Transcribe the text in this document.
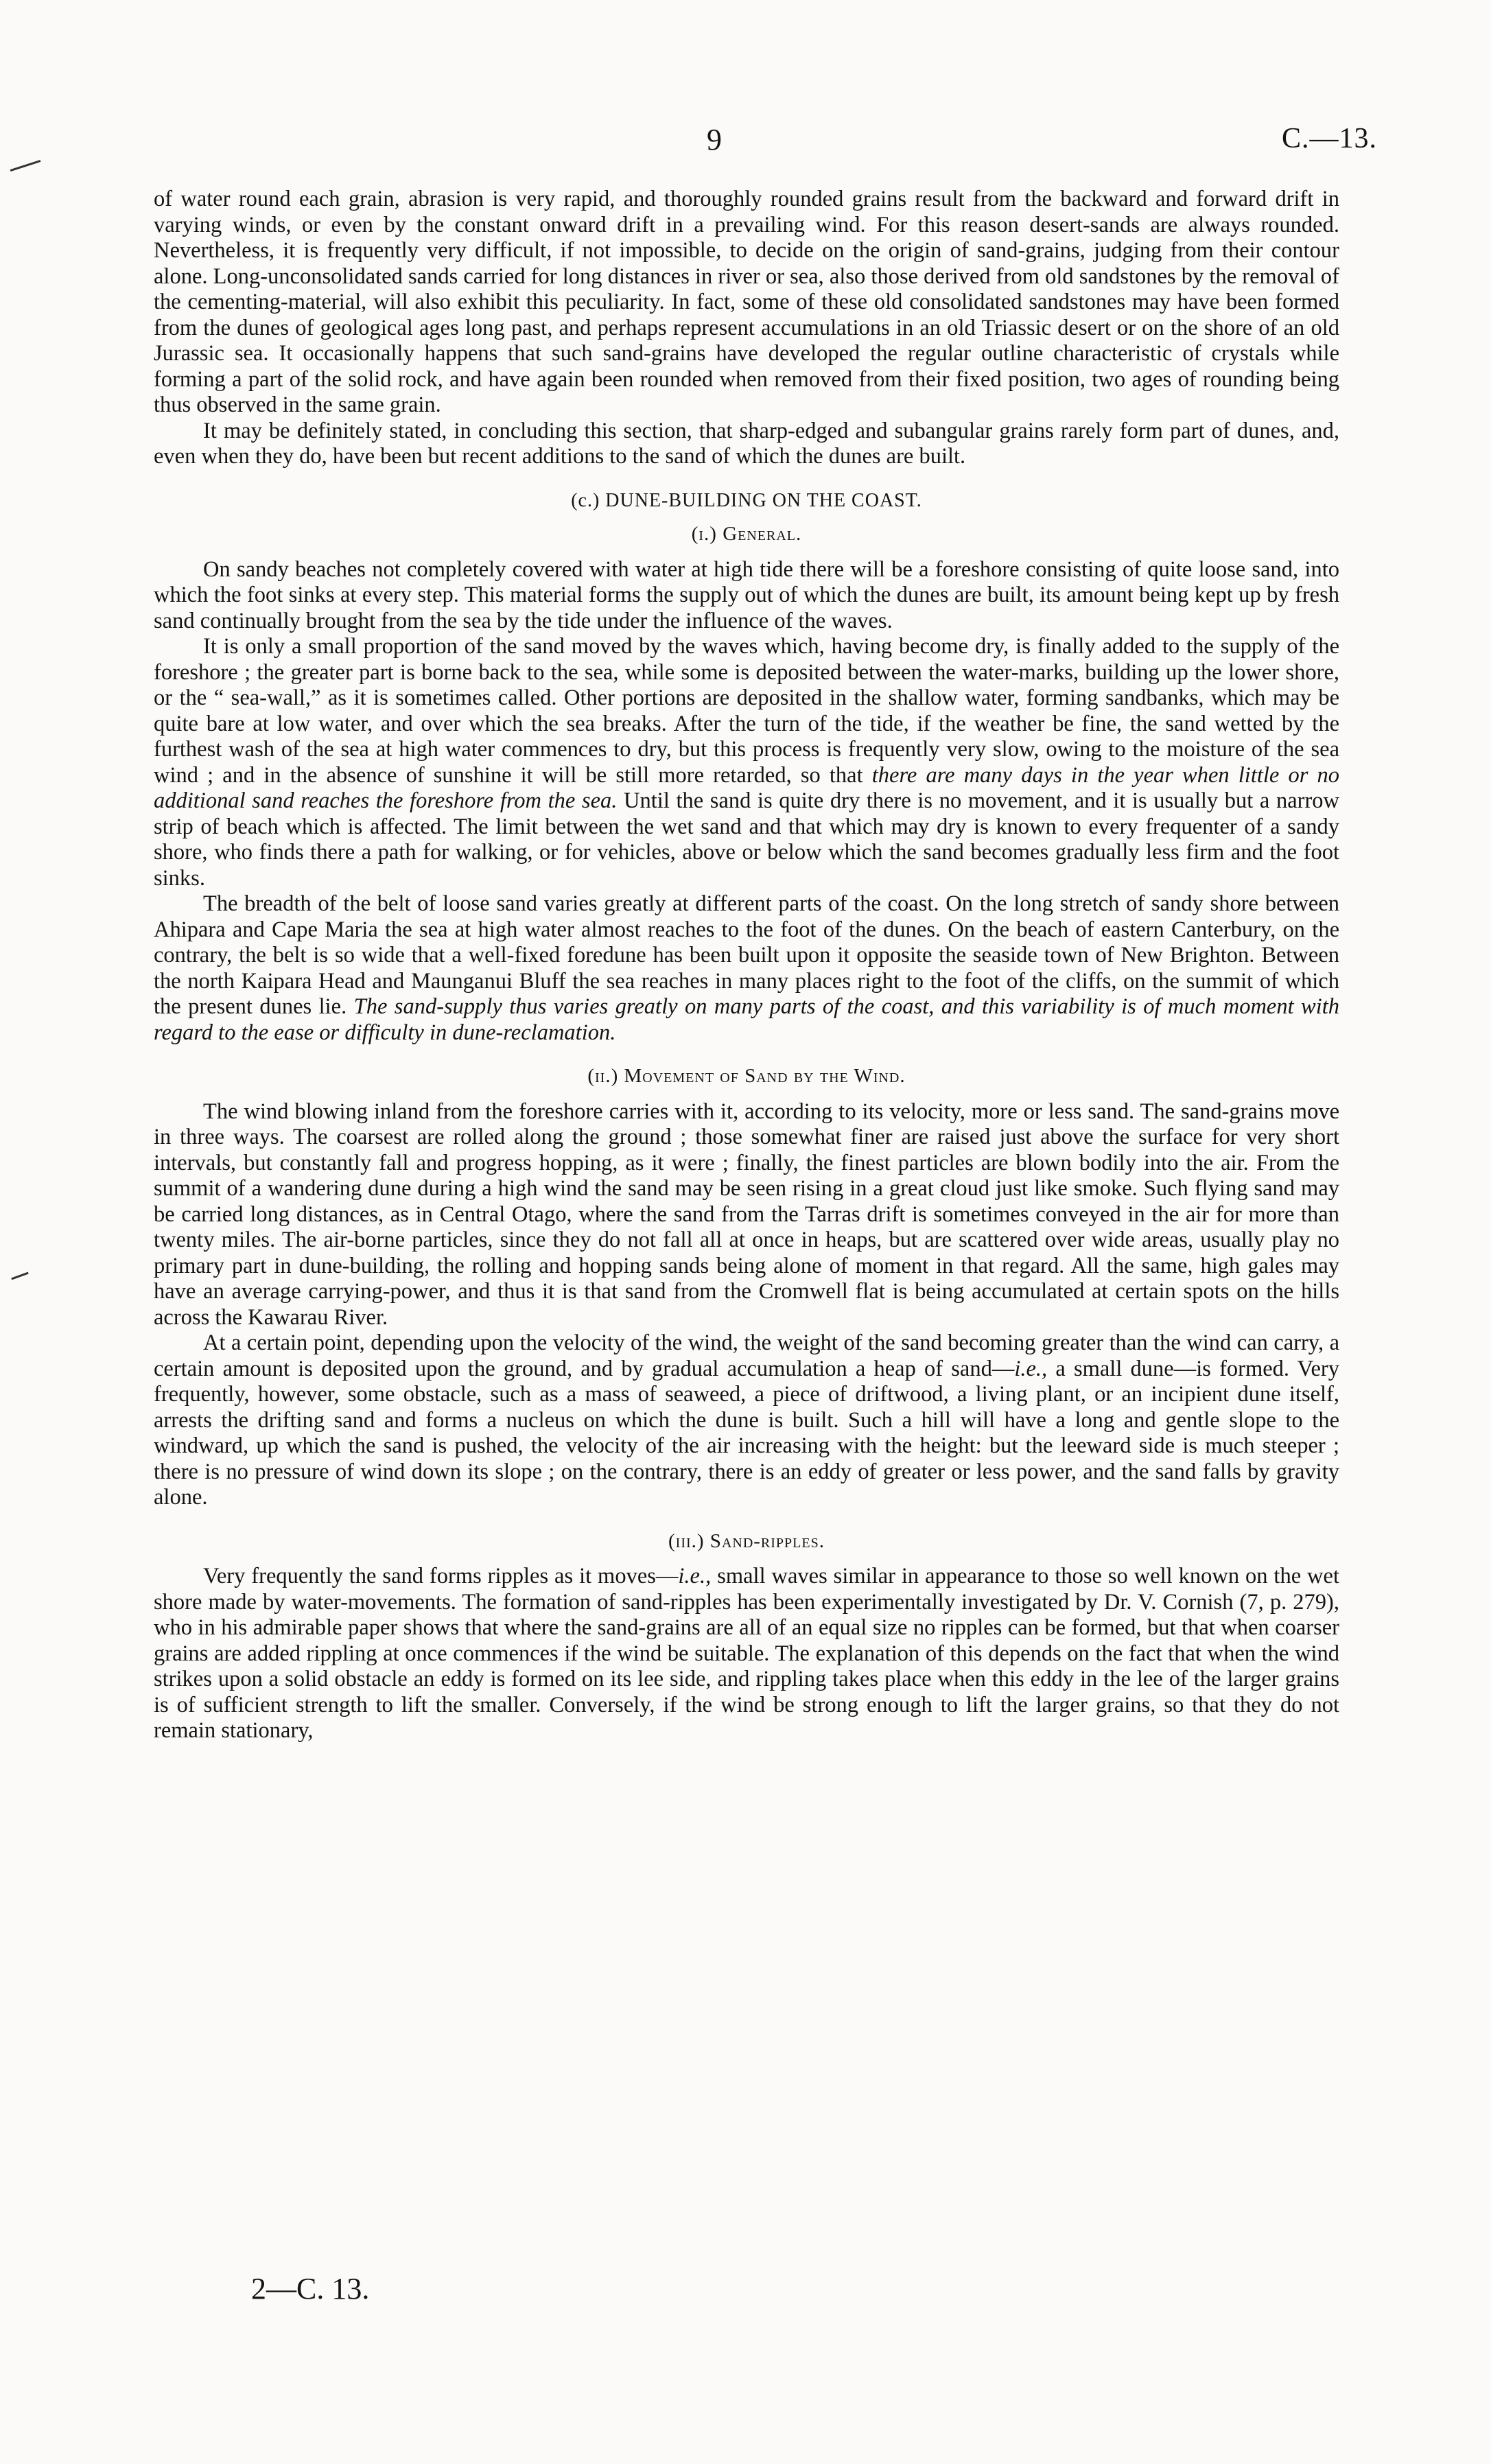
9	C.—13.

of water round each grain, abrasion is very rapid, and thoroughly rounded grains result from the backward and forward drift in varying winds, or even by the constant onward drift in a prevailing wind. For this reason desert-sands are always rounded. Nevertheless, it is frequently very difficult, if not impossible, to decide on the origin of sand-grains, judging from their contour alone. Long-unconsolidated sands carried for long distances in river or sea, also those derived from old sandstones by the removal of the cementing-material, will also exhibit this peculiarity. In fact, some of these old consolidated sandstones may have been formed from the dunes of geological ages long past, and perhaps represent accumulations in an old Triassic desert or on the shore of an old Jurassic sea. It occasionally happens that such sand-grains have developed the regular outline characteristic of crystals while forming a part of the solid rock, and have again been rounded when removed from their fixed position, two ages of rounding being thus observed in the same grain.

It may be definitely stated, in concluding this section, that sharp-edged and subangular grains rarely form part of dunes, and, even when they do, have been but recent additions to the sand of which the dunes are built.

(c.) DUNE-BUILDING ON THE COAST.
(i.) General.

On sandy beaches not completely covered with water at high tide there will be a foreshore consisting of quite loose sand, into which the foot sinks at every step. This material forms the supply out of which the dunes are built, its amount being kept up by fresh sand continually brought from the sea by the tide under the influence of the waves.

It is only a small proportion of the sand moved by the waves which, having become dry, is finally added to the supply of the foreshore ; the greater part is borne back to the sea, while some is deposited between the water-marks, building up the lower shore, or the “ sea-wall,” as it is sometimes called. Other portions are deposited in the shallow water, forming sandbanks, which may be quite bare at low water, and over which the sea breaks. After the turn of the tide, if the weather be fine, the sand wetted by the furthest wash of the sea at high water commences to dry, but this process is frequently very slow, owing to the moisture of the sea wind ; and in the absence of sunshine it will be still more retarded, so that there are many days in the year when little or no additional sand reaches the foreshore from the sea. Until the sand is quite dry there is no movement, and it is usually but a narrow strip of beach which is affected. The limit between the wet sand and that which may dry is known to every frequenter of a sandy shore, who finds there a path for walking, or for vehicles, above or below which the sand becomes gradually less firm and the foot sinks.

The breadth of the belt of loose sand varies greatly at different parts of the coast. On the long stretch of sandy shore between Ahipara and Cape Maria the sea at high water almost reaches to the foot of the dunes. On the beach of eastern Canterbury, on the contrary, the belt is so wide that a well-fixed foredune has been built upon it opposite the seaside town of New Brighton. Between the north Kaipara Head and Maunganui Bluff the sea reaches in many places right to the foot of the cliffs, on the summit of which the present dunes lie. The sand-supply thus varies greatly on many parts of the coast, and this variability is of much moment with regard to the ease or difficulty in dune-reclamation.

(ii.) Movement of Sand by the Wind.

The wind blowing inland from the foreshore carries with it, according to its velocity, more or less sand. The sand-grains move in three ways. The coarsest are rolled along the ground ; those somewhat finer are raised just above the surface for very short intervals, but constantly fall and progress hopping, as it were ; finally, the finest particles are blown bodily into the air. From the summit of a wandering dune during a high wind the sand may be seen rising in a great cloud just like smoke. Such flying sand may be carried long distances, as in Central Otago, where the sand from the Tarras drift is sometimes conveyed in the air for more than twenty miles. The air-borne particles, since they do not fall all at once in heaps, but are scattered over wide areas, usually play no primary part in dune-building, the rolling and hopping sands being alone of moment in that regard. All the same, high gales may have an average carrying-power, and thus it is that sand from the Cromwell flat is being accumulated at certain spots on the hills across the Kawarau River.

At a certain point, depending upon the velocity of the wind, the weight of the sand becoming greater than the wind can carry, a certain amount is deposited upon the ground, and by gradual accumulation a heap of sand—i.e., a small dune—is formed. Very frequently, however, some obstacle, such as a mass of seaweed, a piece of driftwood, a living plant, or an incipient dune itself, arrests the drifting sand and forms a nucleus on which the dune is built. Such a hill will have a long and gentle slope to the windward, up which the sand is pushed, the velocity of the air increasing with the height: but the leeward side is much steeper ; there is no pressure of wind down its slope ; on the contrary, there is an eddy of greater or less power, and the sand falls by gravity alone.

(iii.) Sand-ripples.

Very frequently the sand forms ripples as it moves—i.e., small waves similar in appearance to those so well known on the wet shore made by water-movements. The formation of sand-ripples has been experimentally investigated by Dr. V. Cornish (7, p. 279), who in his admirable paper shows that where the sand-grains are all of an equal size no ripples can be formed, but that when coarser grains are added rippling at once commences if the wind be suitable. The explanation of this depends on the fact that when the wind strikes upon a solid obstacle an eddy is formed on its lee side, and rippling takes place when this eddy in the lee of the larger grains is of sufficient strength to lift the smaller. Conversely, if the wind be strong enough to lift the larger grains, so that they do not remain stationary,

2—C. 13.
